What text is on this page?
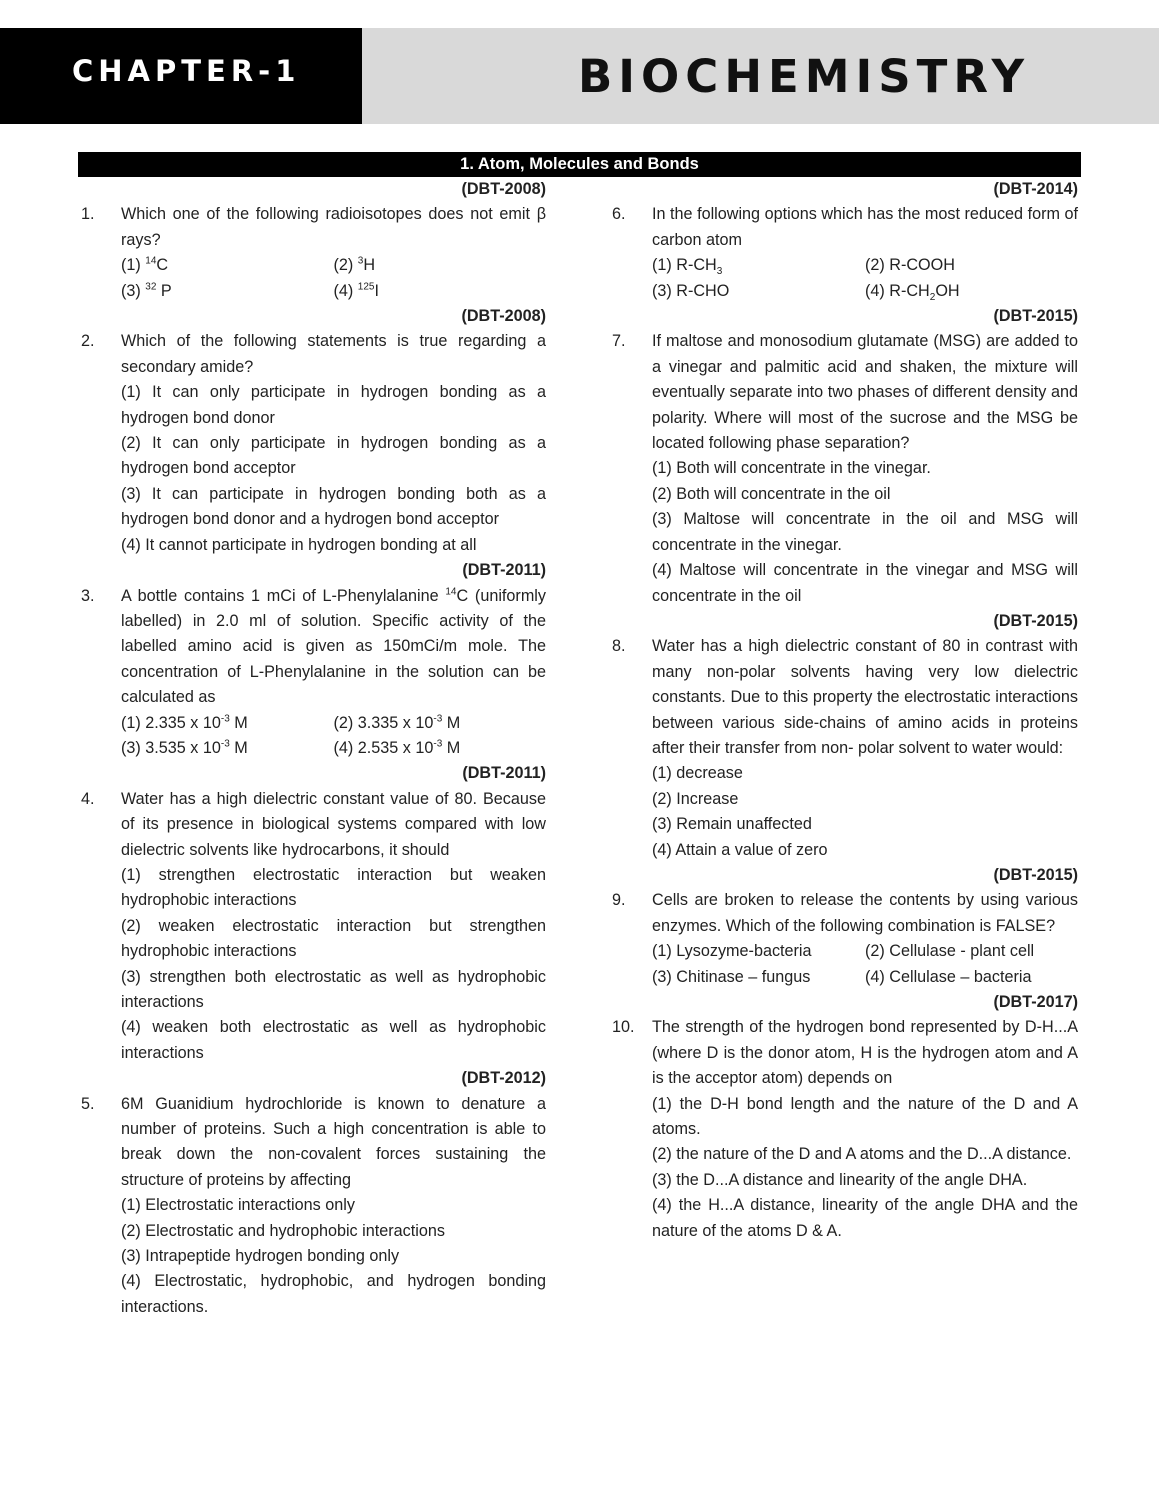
CHAPTER-1	BIOCHEMISTRY
1. Atom, Molecules and Bonds
(DBT-2008)
1.	Which one of the following radioisotopes does not emit β rays?
(1) $^{14}$C	(2) $^3$H
(3) $^{32}$ P	(4) $^{125}$I
(DBT-2008)
2.	Which of the following statements is true regarding a secondary amide?
(1) It can only participate in hydrogen bonding as a hydrogen bond donor
(2) It can only participate in hydrogen bonding as a hydrogen bond acceptor
(3) It can participate in hydrogen bonding both as a hydrogen bond donor and a hydrogen bond acceptor
(4) It cannot participate in hydrogen bonding at all
(DBT-2011)
3.	A bottle contains 1 mCi of L-Phenylalanine $^{14}$C (uniformly labelled) in 2.0 ml of solution. Specific activity of the labelled amino acid is given as 150mCi/m mole. The concentration of L-Phenylalanine in the solution can be calculated as
(1) 2.335 x $10^{-3}$ M	(2) 3.335 x $10^{-3}$ M
(3) 3.535 x $10^{-3}$ M	(4) 2.535 x $10^{-3}$ M
(DBT-2011)
4.	Water has a high dielectric constant value of 80. Because of its presence in biological systems compared with low dielectric solvents like hydrocarbons, it should
(1) strengthen electrostatic interaction but weaken hydrophobic interactions
(2) weaken electrostatic interaction but strengthen hydrophobic interactions
(3) strengthen both electrostatic as well as hydrophobic interactions
(4) weaken both electrostatic as well as hydrophobic interactions
(DBT-2012)
5.	6M Guanidium hydrochloride is known to denature a number of proteins. Such a high concentration is able to break down the non-covalent forces sustaining the structure of proteins by affecting
(1) Electrostatic interactions only
(2) Electrostatic and hydrophobic interactions
(3) Intrapeptide hydrogen bonding only
(4) Electrostatic, hydrophobic, and hydrogen bonding interactions.
(DBT-2014)
6.	In the following options which has the most reduced form of carbon atom
(1) $R-CH_3$	(2) R-COOH
(3) R-CHO	(4) $R-CH_2OH$
(DBT-2015)
7.	If maltose and monosodium glutamate (MSG) are added to a vinegar and palmitic acid and shaken, the mixture will eventually separate into two phases of different density and polarity. Where will most of the sucrose and the MSG be located following phase separation?
(1) Both will concentrate in the vinegar.
(2) Both will concentrate in the oil
(3) Maltose will concentrate in the oil and MSG will concentrate in the vinegar.
(4) Maltose will concentrate in the vinegar and MSG will concentrate in the oil
(DBT-2015)
8.	Water has a high dielectric constant of 80 in contrast with many non-polar solvents having very low dielectric constants. Due to this property the electrostatic interactions between various side-chains of amino acids in proteins after their transfer from non- polar solvent to water would:
(1) decrease
(2) Increase
(3) Remain unaffected
(4) Attain a value of zero
(DBT-2015)
9.	Cells are broken to release the contents by using various enzymes. Which of the following combination is FALSE?
(1) Lysozyme-bacteria	(2) Cellulase - plant cell
(3) Chitinase – fungus	(4) Cellulase – bacteria
(DBT-2017)
10.	The strength of the hydrogen bond represented by D-H...A (where D is the donor atom, H is the hydrogen atom and A is the acceptor atom) depends on
(1) the D-H bond length and the nature of the D and A atoms.
(2) the nature of the D and A atoms and the D...A distance.
(3) the D...A distance and linearity of the angle DHA.
(4) the H...A distance, linearity of the angle DHA and the nature of the atoms D & A.
